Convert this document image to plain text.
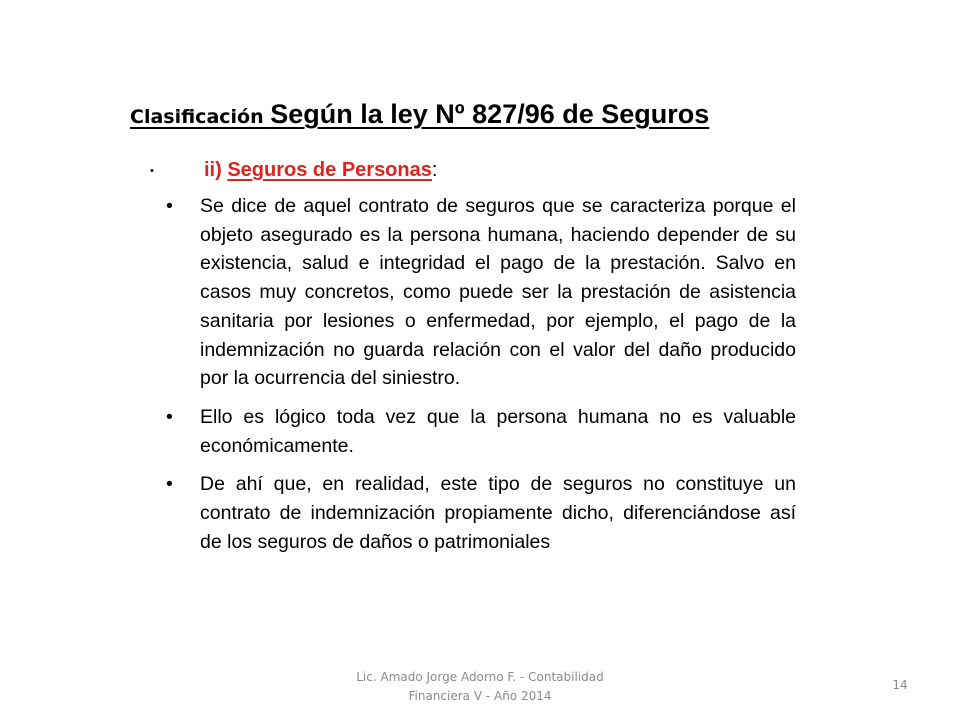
Clasificación Según la ley Nº 827/96 de Seguros
•	ii) Seguros de Personas:
• Se dice de aquel contrato de seguros que se caracteriza porque el objeto asegurado es la persona humana, haciendo depender de su existencia, salud e integridad el pago de la prestación. Salvo en casos muy concretos, como puede ser la prestación de asistencia sanitaria por lesiones o enfermedad, por ejemplo, el pago de la indemnización no guarda relación con el valor del daño producido por la ocurrencia del siniestro.
• Ello es lógico toda vez que la persona humana no es valuable económicamente.
• De ahí que, en realidad, este tipo de seguros no constituye un contrato de indemnización propiamente dicho, diferenciándose así de los seguros de daños o patrimoniales
Lic. Amado Jorge Adorno F. - Contabilidad
Financiera V - Año 2014
14
